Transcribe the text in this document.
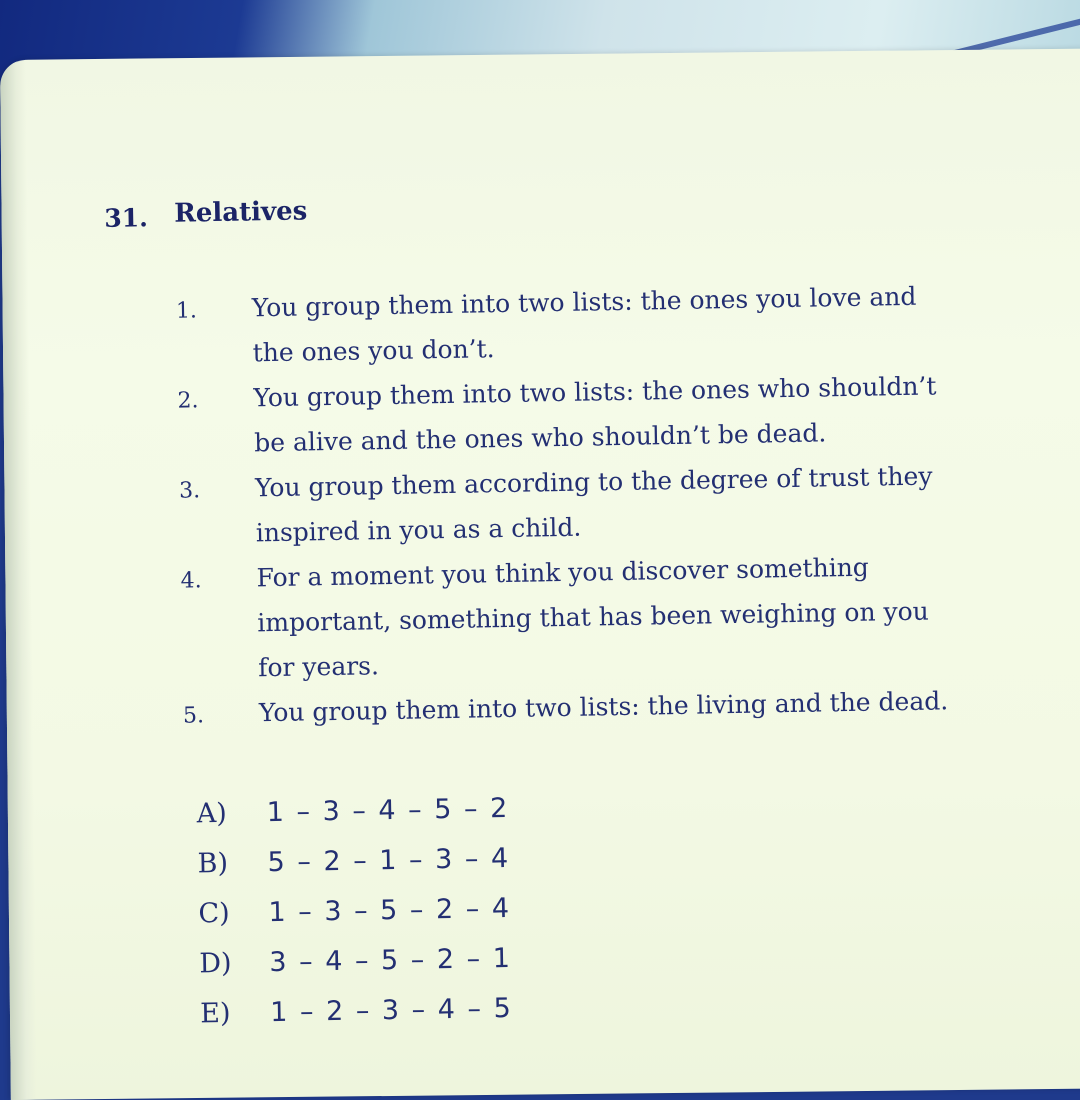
31. Relatives
1. You group them into two lists: the ones you love and the ones you don’t.
2. You group them into two lists: the ones who shouldn’t be alive and the ones who shouldn’t be dead.
3. You group them according to the degree of trust they inspired in you as a child.
4. For a moment you think you discover something important, something that has been weighing on you for years.
5. You group them into two lists: the living and the dead.
A) 1 – 3 – 4 – 5 – 2
B) 5 – 2 – 1 – 3 – 4
C) 1 – 3 – 5 – 2 – 4
D) 3 – 4 – 5 – 2 – 1
E) 1 – 2 – 3 – 4 – 5
